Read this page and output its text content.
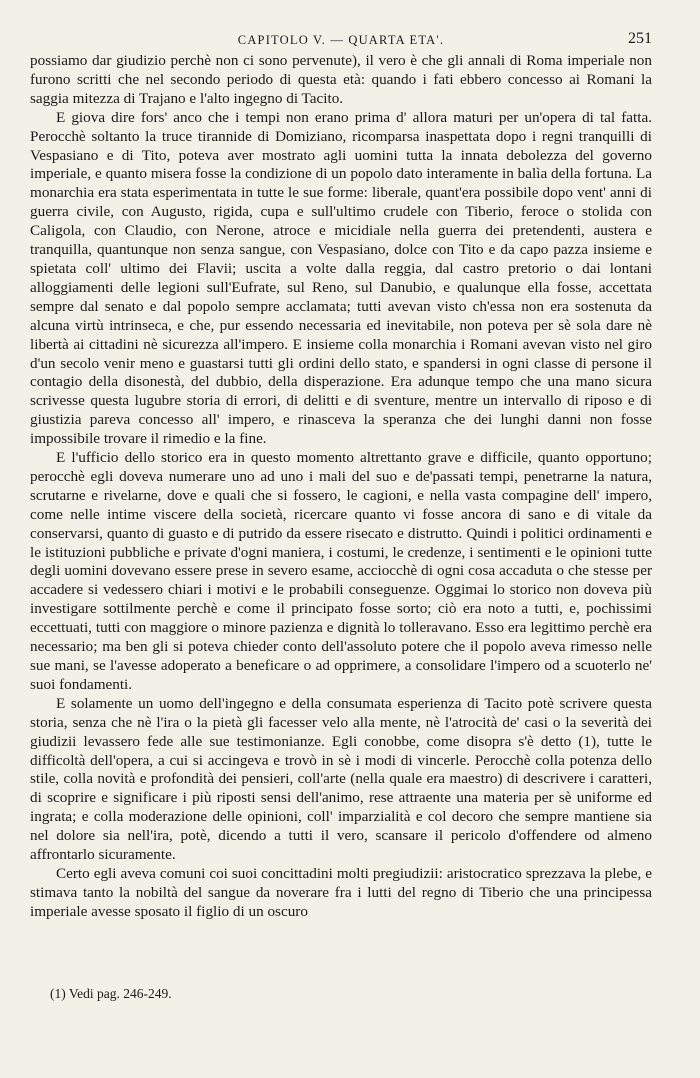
CAPITOLO V. — QUARTA ETA'.	251

possiamo dar giudizio perchè non ci sono pervenute), il vero è che gli annali di Roma imperiale non furono scritti che nel secondo periodo di questa età: quando i fati ebbero concesso ai Romani la saggia mitezza di Trajano e l'alto ingegno di Tacito.

E giova dire fors' anco che i tempi non erano prima d' allora maturi per un'opera di tal fatta. Perocchè soltanto la truce tirannide di Domiziano, ricomparsa inaspettata dopo i regni tranquilli di Vespasiano e di Tito, poteva aver mostrato agli uomini tutta la innata debolezza del governo imperiale, e quanto misera fosse la condizione di un popolo dato interamente in balìa della fortuna. La monarchia era stata esperimentata in tutte le sue forme: liberale, quant'era possibile dopo vent' anni di guerra civile, con Augusto, rigida, cupa e sull'ultimo crudele con Tiberio, feroce o stolida con Caligola, con Claudio, con Nerone, atroce e micidiale nella guerra dei pretendenti, austera e tranquilla, quantunque non senza sangue, con Vespasiano, dolce con Tito e da capo pazza insieme e spietata coll' ultimo dei Flavii; uscita a volte dalla reggia, dal castro pretorio o dai lontani alloggiamenti delle legioni sull'Eufrate, sul Reno, sul Danubio, e qualunque ella fosse, accettata sempre dal senato e dal popolo sempre acclamata; tutti avevan visto ch'essa non era sostenuta da alcuna virtù intrinseca, e che, pur essendo necessaria ed inevitabile, non poteva per sè sola dare nè libertà ai cittadini nè sicurezza all'impero. E insieme colla monarchia i Romani avevan visto nel giro d'un secolo venir meno e guastarsi tutti gli ordini dello stato, e spandersi in ogni classe di persone il contagio della disonestà, del dubbio, della disperazione. Era adunque tempo che una mano sicura scrivesse questa lugubre storia di errori, di delitti e di sventure, mentre un intervallo di riposo e di giustizia pareva concesso all' impero, e rinasceva la speranza che dei lunghi danni non fosse impossibile trovare il rimedio e la fine.

E l'ufficio dello storico era in questo momento altrettanto grave e difficile, quanto opportuno; perocchè egli doveva numerare uno ad uno i mali del suo e de'passati tempi, penetrarne la natura, scrutarne e rivelarne, dove e quali che si fossero, le cagioni, e nella vasta compagine dell' impero, come nelle intime viscere della società, ricercare quanto vi fosse ancora di sano e di vitale da conservarsi, quanto di guasto e di putrido da essere risecato e distrutto. Quindi i politici ordinamenti e le istituzioni pubbliche e private d'ogni maniera, i costumi, le credenze, i sentimenti e le opinioni tutte degli uomini dovevano essere prese in severo esame, acciocchè di ogni cosa accaduta o che stesse per accadere si vedessero chiari i motivi e le probabili conseguenze. Oggimai lo storico non doveva più investigare sottilmente perchè e come il principato fosse sorto; ciò era noto a tutti, e, pochissimi eccettuati, tutti con maggiore o minore pazienza e dignità lo tolleravano. Esso era legittimo perchè era necessario; ma ben gli si poteva chieder conto dell'assoluto potere che il popolo aveva rimesso nelle sue mani, se l'avesse adoperato a beneficare o ad opprimere, a consolidare l'impero od a scuoterlo ne' suoi fondamenti.

E solamente un uomo dell'ingegno e della consumata esperienza di Tacito potè scrivere questa storia, senza che nè l'ira o la pietà gli facesser velo alla mente, nè l'atrocità de' casi o la severità dei giudizii levassero fede alle sue testimonianze. Egli conobbe, come disopra s'è detto (1), tutte le difficoltà dell'opera, a cui si accingeva e trovò in sè i modi di vincerle. Perocchè colla potenza dello stile, colla novità e profondità dei pensieri, coll'arte (nella quale era maestro) di descrivere i caratteri, di scoprire e significare i più riposti sensi dell'animo, rese attraente una materia per sè uniforme ed ingrata; e colla moderazione delle opinioni, coll' imparzialità e col decoro che sempre mantiene sia nel dolore sia nell'ira, potè, dicendo a tutti il vero, scansare il pericolo d'offendere od almeno affrontarlo sicuramente.

Certo egli aveva comuni coi suoi concittadini molti pregiudizii: aristocratico sprezzava la plebe, e stimava tanto la nobiltà del sangue da noverare fra i lutti del regno di Tiberio che una principessa imperiale avesse sposato il figlio di un oscuro

(1) Vedi pag. 246-249.
